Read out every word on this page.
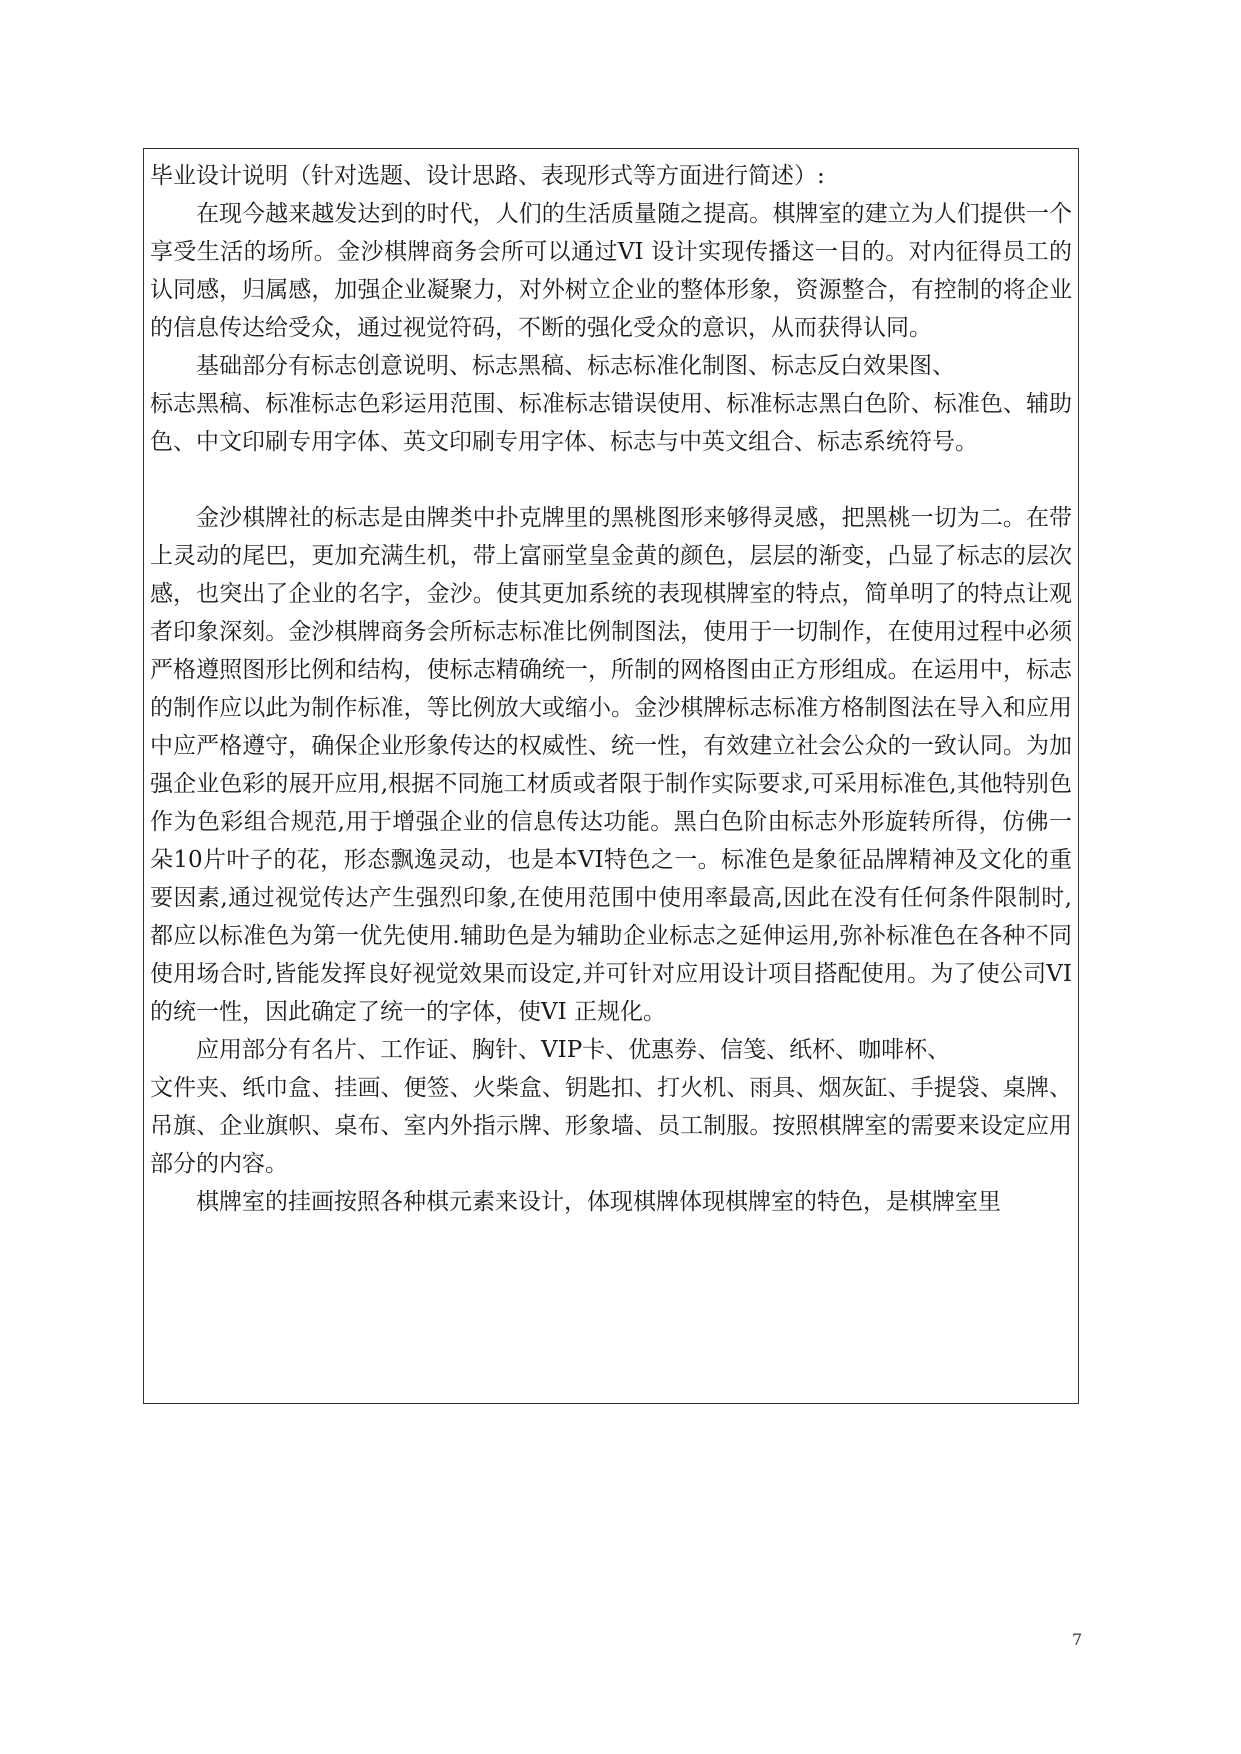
毕业设计说明（针对选题、设计思路、表现形式等方面进行简述）:

在现今越来越发达到的时代，人们的生活质量随之提高。棋牌室的建立为人们提供一个享受生活的场所。金沙棋牌商务会所可以通过VI 设计实现传播这一目的。对内征得员工的认同感，归属感，加强企业凝聚力，对外树立企业的整体形象，资源整合，有控制的将企业的信息传达给受众，通过视觉符码，不断的强化受众的意识，从而获得认同。

基础部分有标志创意说明、标志黑稿、标志标准化制图、标志反白效果图、

标志黑稿、标准标志色彩运用范围、标准标志错误使用、标准标志黑白色阶、标准色、辅助色、中文印刷专用字体、英文印刷专用字体、标志与中英文组合、标志系统符号。

金沙棋牌社的标志是由牌类中扑克牌里的黑桃图形来够得灵感，把黑桃一切为二。在带上灵动的尾巴，更加充满生机，带上富丽堂皇金黄的颜色，层层的渐变，凸显了标志的层次感，也突出了企业的名字，金沙。使其更加系统的表现棋牌室的特点，简单明了的特点让观者印象深刻。金沙棋牌商务会所标志标准比例制图法，使用于一切制作，在使用过程中必须严格遵照图形比例和结构，使标志精确统一，所制的网格图由正方形组成。在运用中，标志的制作应以此为制作标准，等比例放大或缩小。金沙棋牌标志标准方格制图法在导入和应用中应严格遵守，确保企业形象传达的权威性、统一性，有效建立社会公众的一致认同。为加强企业色彩的展开应用,根据不同施工材质或者限于制作实际要求,可采用标准色,其他特别色作为色彩组合规范,用于增强企业的信息传达功能。黑白色阶由标志外形旋转所得，仿佛一朵10片叶子的花，形态飘逸灵动，也是本VI特色之一。标准色是象征品牌精神及文化的重要因素,通过视觉传达产生强烈印象,在使用范围中使用率最高,因此在没有任何条件限制时,都应以标准色为第一优先使用.辅助色是为辅助企业标志之延伸运用,弥补标准色在各种不同使用场合时,皆能发挥良好视觉效果而设定,并可针对应用设计项目搭配使用。为了使公司VI 的统一性，因此确定了统一的字体，使VI 正规化。

应用部分有名片、工作证、胸针、VIP卡、优惠券、信笺、纸杯、咖啡杯、

文件夹、纸巾盒、挂画、便签、火柴盒、钥匙扣、打火机、雨具、烟灰缸、手提袋、桌牌、吊旗、企业旗帜、桌布、室内外指示牌、形象墙、员工制服。按照棋牌室的需要来设定应用部分的内容。

棋牌室的挂画按照各种棋元素来设计，体现棋牌体现棋牌室的特色，是棋牌室里

7
